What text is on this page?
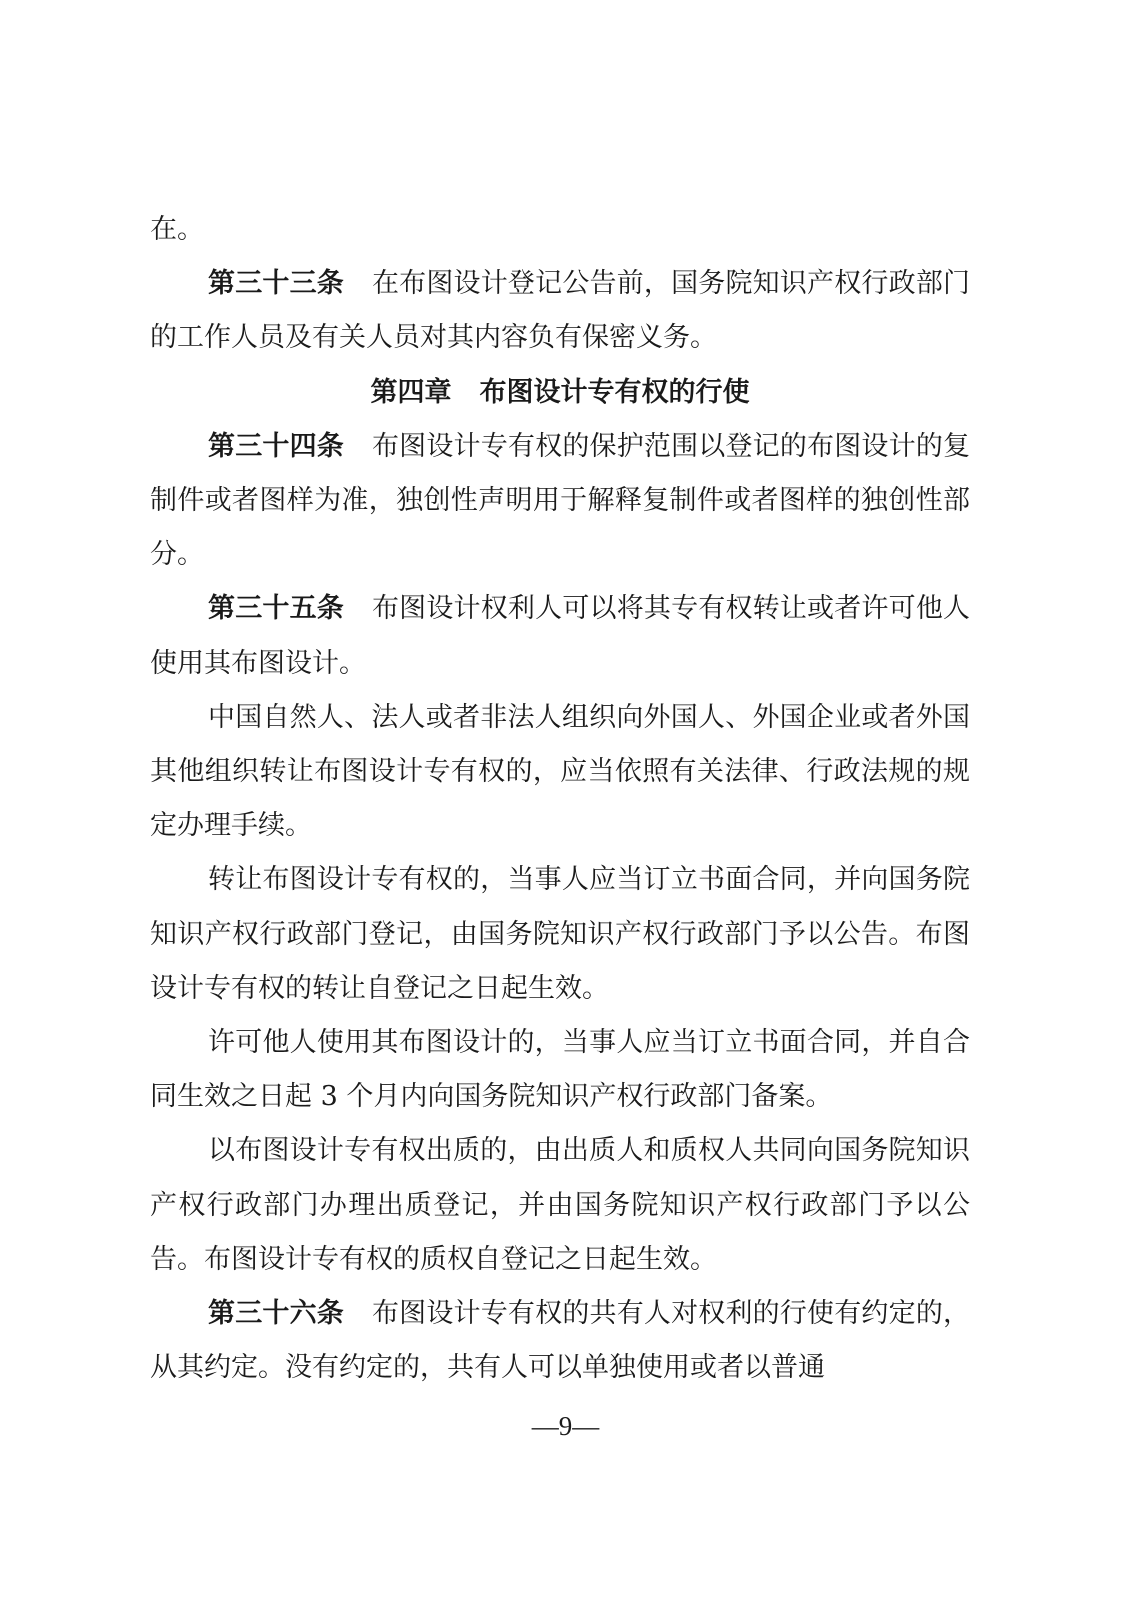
在。

第三十三条 在布图设计登记公告前，国务院知识产权行政部门的工作人员及有关人员对其内容负有保密义务。

第四章 布图设计专有权的行使

第三十四条 布图设计专有权的保护范围以登记的布图设计的复制件或者图样为准，独创性声明用于解释复制件或者图样的独创性部分。

第三十五条 布图设计权利人可以将其专有权转让或者许可他人使用其布图设计。

中国自然人、法人或者非法人组织向外国人、外国企业或者外国其他组织转让布图设计专有权的，应当依照有关法律、行政法规的规定办理手续。

转让布图设计专有权的，当事人应当订立书面合同，并向国务院知识产权行政部门登记，由国务院知识产权行政部门予以公告。布图设计专有权的转让自登记之日起生效。

许可他人使用其布图设计的，当事人应当订立书面合同，并自合同生效之日起 3 个月内向国务院知识产权行政部门备案。

以布图设计专有权出质的，由出质人和质权人共同向国务院知识产权行政部门办理出质登记，并由国务院知识产权行政部门予以公告。布图设计专有权的质权自登记之日起生效。

第三十六条 布图设计专有权的共有人对权利的行使有约定的，从其约定。没有约定的，共有人可以单独使用或者以普通

—9—
